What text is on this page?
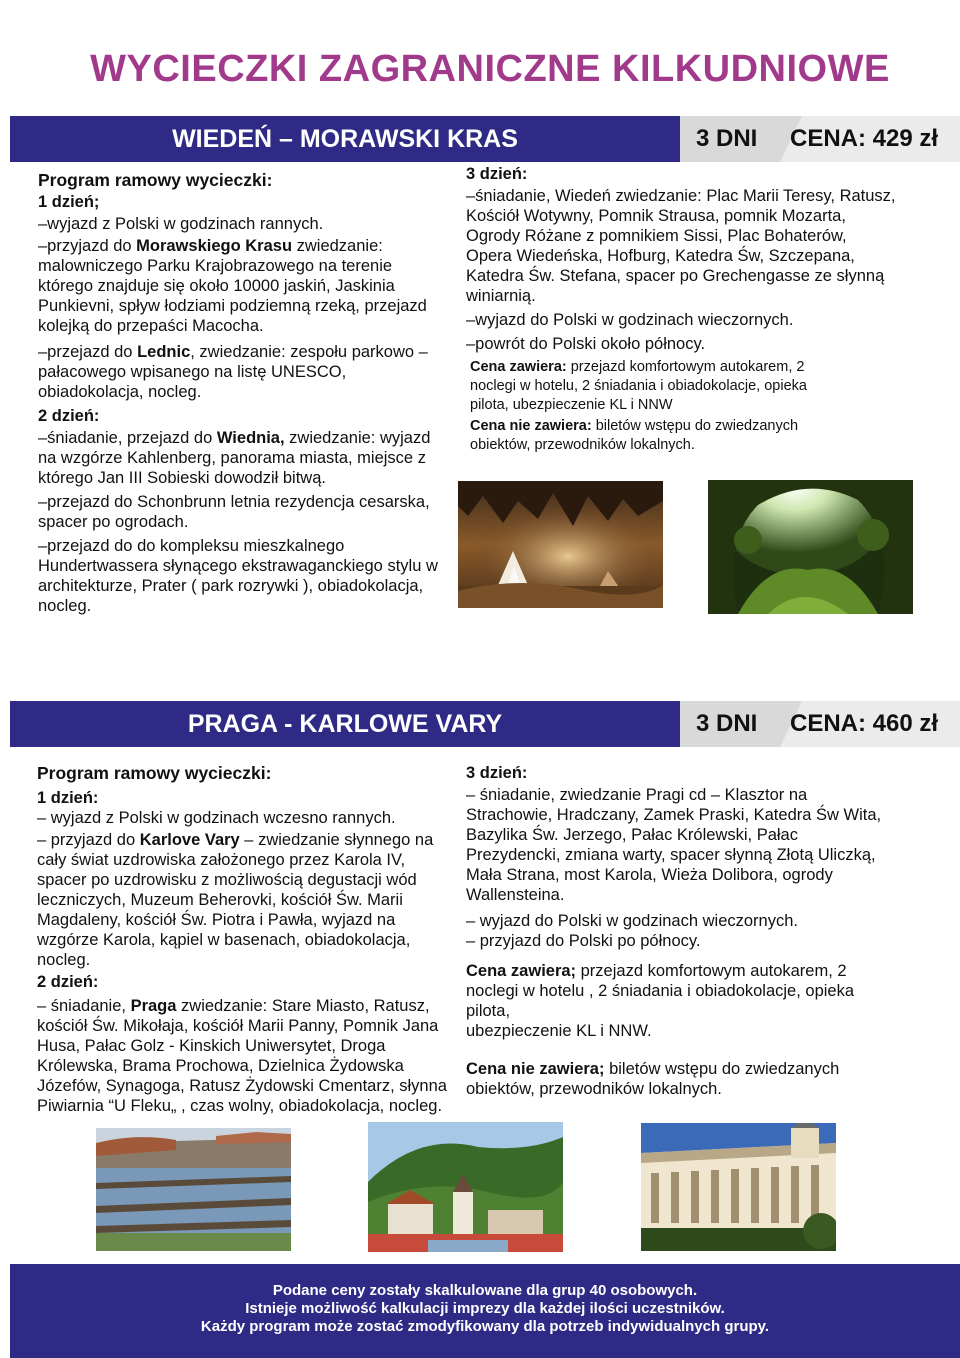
WYCIECZKI ZAGRANICZNE KILKUDNIOWE
WIEDEŃ – MORAWSKI KRAS	3 DNI CENA: 429 zł

Program ramowy wycieczki:

1 dzień;

–wyjazd z Polski w godzinach rannych.

–przyjazd do Morawskiego Krasu zwiedzanie: malowniczego Parku Krajobrazowego na terenie którego znajduje się około 10000 jaskiń, Jaskinia Punkievni, spływ łodziami podziemną rzeką, przejazd kolejką do przepaści Macocha.

–przejazd do Lednic, zwiedzanie: zespołu parkowo – pałacowego wpisanego na listę UNESCO, obiadokolacja, nocleg.

2 dzień:

–śniadanie, przejazd do Wiednia, zwiedzanie: wyjazd na wzgórze Kahlenberg, panorama miasta, miejsce z którego Jan III Sobieski dowodził bitwą.

–przejazd do Schonbrunn letnia rezydencja cesarska, spacer po ogrodach.

–przejazd do do kompleksu mieszkalnego Hundertwassera słynącego ekstrawaganckiego stylu w architekturze, Prater ( park rozrywki ), obiadokolacja, nocleg.

3 dzień:

–śniadanie, Wiedeń zwiedzanie: Plac Marii Teresy, Ratusz, Kościół Wotywny, Pomnik Strausa, pomnik Mozarta, Ogrody Różane z pomnikiem Sissi, Plac Bohaterów, Opera Wiedeńska, Hofburg, Katedra Św, Szczepana, Katedra Św. Stefana, spacer po Grechengasse ze słynną winiarnią.

–wyjazd do Polski w godzinach wieczornych.

–powrót do Polski około północy.

Cena zawiera: przejazd komfortowym autokarem, 2 noclegi w hotelu, 2 śniadania i obiadokolacje, opieka pilota, ubezpieczenie KL i NNW

Cena nie zawiera: biletów wstępu do zwiedzanych obiektów, przewodników lokalnych.

PRAGA - KARLOWE VARY	3 DNI CENA: 460 zł

Program ramowy wycieczki:

1 dzień:

– wyjazd z Polski w godzinach wczesno rannych.

– przyjazd do Karlove Vary – zwiedzanie słynnego na cały świat uzdrowiska założonego przez Karola IV, spacer po uzdrowisku z możliwością degustacji wód leczniczych, Muzeum Beherovki, kościół Św. Marii Magdaleny, kościół Św. Piotra i Pawła, wyjazd na wzgórze Karola, kąpiel w basenach, obiadokolacja, nocleg.

2 dzień:

– śniadanie, Praga zwiedzanie: Stare Miasto, Ratusz, kościół Św. Mikołaja, kościół Marii Panny, Pomnik Jana Husa, Pałac Golz - Kinskich Uniwersytet, Droga Królewska, Brama Prochowa, Dzielnica Żydowska Józefów, Synagoga, Ratusz Żydowski Cmentarz, słynna Piwiarnia “U Fleku„ , czas wolny, obiadokolacja, nocleg.

3 dzień:

– śniadanie, zwiedzanie Pragi cd – Klasztor na Strachowie, Hradczany, Zamek Praski, Katedra Św Wita, Bazylika Św. Jerzego, Pałac Królewski, Pałac Prezydencki, zmiana warty, spacer słynną Złotą Uliczką, Mała Strana, most Karola, Wieża Dolibora, ogrody Wallensteina.

– wyjazd do Polski w godzinach wieczornych.

– przyjazd do Polski po północy.

Cena zawiera; przejazd komfortowym autokarem, 2 noclegi w hotelu , 2 śniadania i obiadokolacje, opieka pilota,

ubezpieczenie KL i NNW.

Cena nie zawiera; biletów wstępu do zwiedzanych obiektów, przewodników lokalnych.

Podane ceny zostały skalkulowane dla grup 40 osobowych.
Istnieje możliwość kalkulacji imprezy dla każdej ilości uczestników.
Każdy program może zostać zmodyfikowany dla potrzeb indywidualnych grupy.
